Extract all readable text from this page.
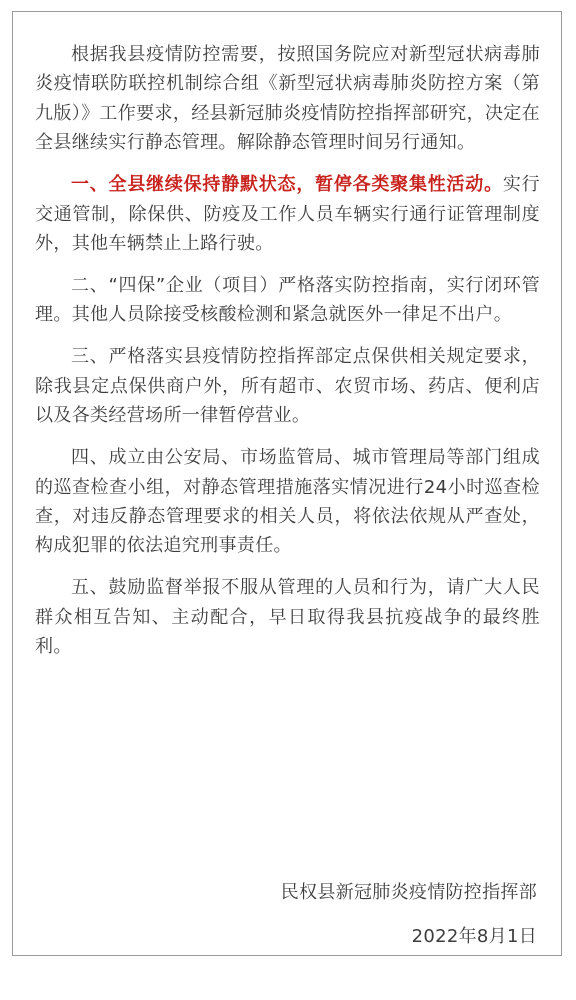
根据我县疫情防控需要，按照国务院应对新型冠状病毒肺炎疫情联防联控机制综合组《新型冠状病毒肺炎防控方案（第九版）》工作要求，经县新冠肺炎疫情防控指挥部研究，决定在全县继续实行静态管理。解除静态管理时间另行通知。

一、全县继续保持静默状态，暂停各类聚集性活动。实行交通管制，除保供、防疫及工作人员车辆实行通行证管理制度外，其他车辆禁止上路行驶。

二、“四保”企业（项目）严格落实防控指南，实行闭环管理。其他人员除接受核酸检测和紧急就医外一律足不出户。

三、严格落实县疫情防控指挥部定点保供相关规定要求，除我县定点保供商户外，所有超市、农贸市场、药店、便利店以及各类经营场所一律暂停营业。

四、成立由公安局、市场监管局、城市管理局等部门组成的巡查检查小组，对静态管理措施落实情况进行24小时巡查检查，对违反静态管理要求的相关人员，将依法依规从严查处，构成犯罪的依法追究刑事责任。

五、鼓励监督举报不服从管理的人员和行为，请广大人民群众相互告知、主动配合，早日取得我县抗疫战争的最终胜利。

民权县新冠肺炎疫情防控指挥部
2022年8月1日
